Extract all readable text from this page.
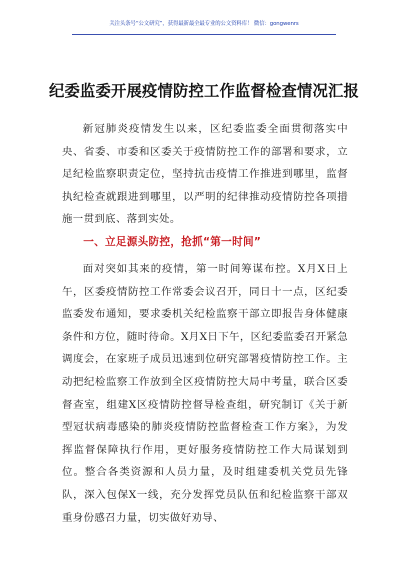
关注头条号“公文研究”，获得最新最全最专业的公文资料库！ 微信：gongwenrs
纪委监委开展疫情防控工作监督检查情况汇报
新冠肺炎疫情发生以来，区纪委监委全面贯彻落实中央、省委、市委和区委关于疫情防控工作的部署和要求，立足纪检监察职责定位，坚持抗击疫情工作推进到哪里，监督执纪检查就跟进到哪里，以严明的纪律推动疫情防控各项措施一贯到底、落到实处。
一、立足源头防控，抢抓“第一时间”
面对突如其来的疫情，第一时间筹谋布控。X月X日上午，区委疫情防控工作常委会议召开，同日十一点，区纪委监委发布通知，要求委机关纪检监察干部立即报告身体健康条件和方位，随时待命。X月X日下午，区纪委监委召开紧急调度会，在家班子成员迅速到位研究部署疫情防控工作。主动把纪检监察工作放到全区疫情防控大局中考量，联合区委督查室，组建X区疫情防控督导检查组，研究制订《关于新型冠状病毒感染的肺炎疫情防控监督检查工作方案》，为发挥监督保障执行作用，更好服务疫情防控工作大局谋划到位。整合各类资源和人员力量，及时组建委机关党员先锋队，深入包保X一线，充分发挥党员队伍和纪检监察干部双重身份感召力量，切实做好劝导、
